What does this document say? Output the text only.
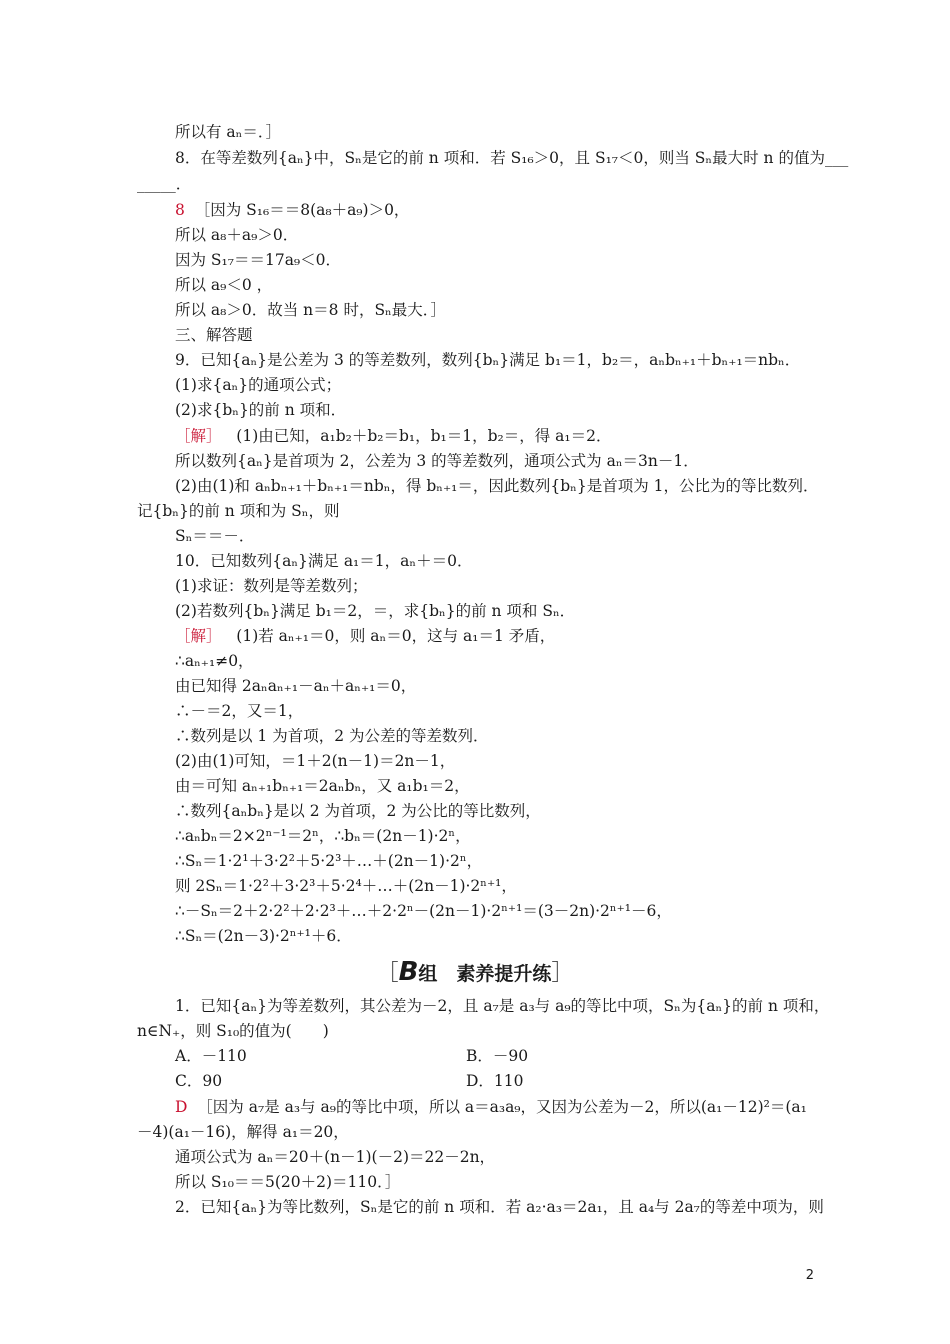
所以有 aₙ＝．］
8．在等差数列{aₙ}中，Sₙ是它的前 n 项和．若 S₁₆＞0，且 S₁₇＜0，则当 Sₙ最大时 n 的值为___
_____．
8 ［因为 S₁₆＝＝8(a₈＋a₉)＞0，
所以 a₈＋a₉＞0．
因为 S₁₇＝＝17a₉＜0．
所以 a₉＜0 ，
所以 a₈＞0．故当 n＝8 时，Sₙ最大．］
三、解答题
9．已知{aₙ}是公差为 3 的等差数列，数列{bₙ}满足 b₁＝1，b₂＝，aₙbₙ₊₁＋bₙ₊₁＝nbₙ．
(1)求{aₙ}的通项公式；
(2)求{bₙ}的前 n 项和．
［解］ (1)由已知，a₁b₂＋b₂＝b₁，b₁＝1，b₂＝，得 a₁＝2．
所以数列{aₙ}是首项为 2，公差为 3 的等差数列，通项公式为 aₙ＝3n－1．
(2)由(1)和 aₙbₙ₊₁＋bₙ₊₁＝nbₙ，得 bₙ₊₁＝，因此数列{bₙ}是首项为 1，公比为的等比数列．
记{bₙ}的前 n 项和为 Sₙ，则
Sₙ＝＝－．
10．已知数列{aₙ}满足 a₁＝1，aₙ＋＝0．
(1)求证：数列是等差数列；
(2)若数列{bₙ}满足 b₁＝2，＝，求{bₙ}的前 n 项和 Sₙ．
［解］ (1)若 aₙ₊₁＝0，则 aₙ＝0，这与 a₁＝1 矛盾，
∴aₙ₊₁≠0，
由已知得 2aₙaₙ₊₁－aₙ＋aₙ₊₁＝0，
∴－＝2，又＝1，
∴数列是以 1 为首项，2 为公差的等差数列．
(2)由(1)可知，＝1＋2(n－1)＝2n－1，
由＝可知 aₙ₊₁bₙ₊₁＝2aₙbₙ，又 a₁b₁＝2，
∴数列{aₙbₙ}是以 2 为首项，2 为公比的等比数列，
∴aₙbₙ＝2×2ⁿ⁻¹＝2ⁿ，∴bₙ＝(2n－1)·2ⁿ，
∴Sₙ＝1·2¹＋3·2²＋5·2³＋…＋(2n－1)·2ⁿ，
则 2Sₙ＝1·2²＋3·2³＋5·2⁴＋…＋(2n－1)·2ⁿ⁺¹，
∴－Sₙ＝2＋2·2²＋2·2³＋…＋2·2ⁿ－(2n－1)·2ⁿ⁺¹＝(3－2n)·2ⁿ⁺¹－6，
∴Sₙ＝(2n－3)·2ⁿ⁺¹＋6．
［B组　素养提升练］
1．已知{aₙ}为等差数列，其公差为－2，且 a₇是 a₃与 a₉的等比中项，Sₙ为{aₙ}的前 n 项和，
n∈N₊，则 S₁₀的值为(　　)
A．－110	B．－90
C．90	D．110
D ［因为 a₇是 a₃与 a₉的等比中项，所以 a＝a₃a₉，又因为公差为－2，所以(a₁－12)²＝(a₁
－4)(a₁－16)，解得 a₁＝20，
通项公式为 aₙ＝20＋(n－1)(－2)＝22－2n，
所以 S₁₀＝＝5(20＋2)＝110．］
2．已知{aₙ}为等比数列，Sₙ是它的前 n 项和．若 a₂·a₃＝2a₁，且 a₄与 2a₇的等差中项为，则
2
